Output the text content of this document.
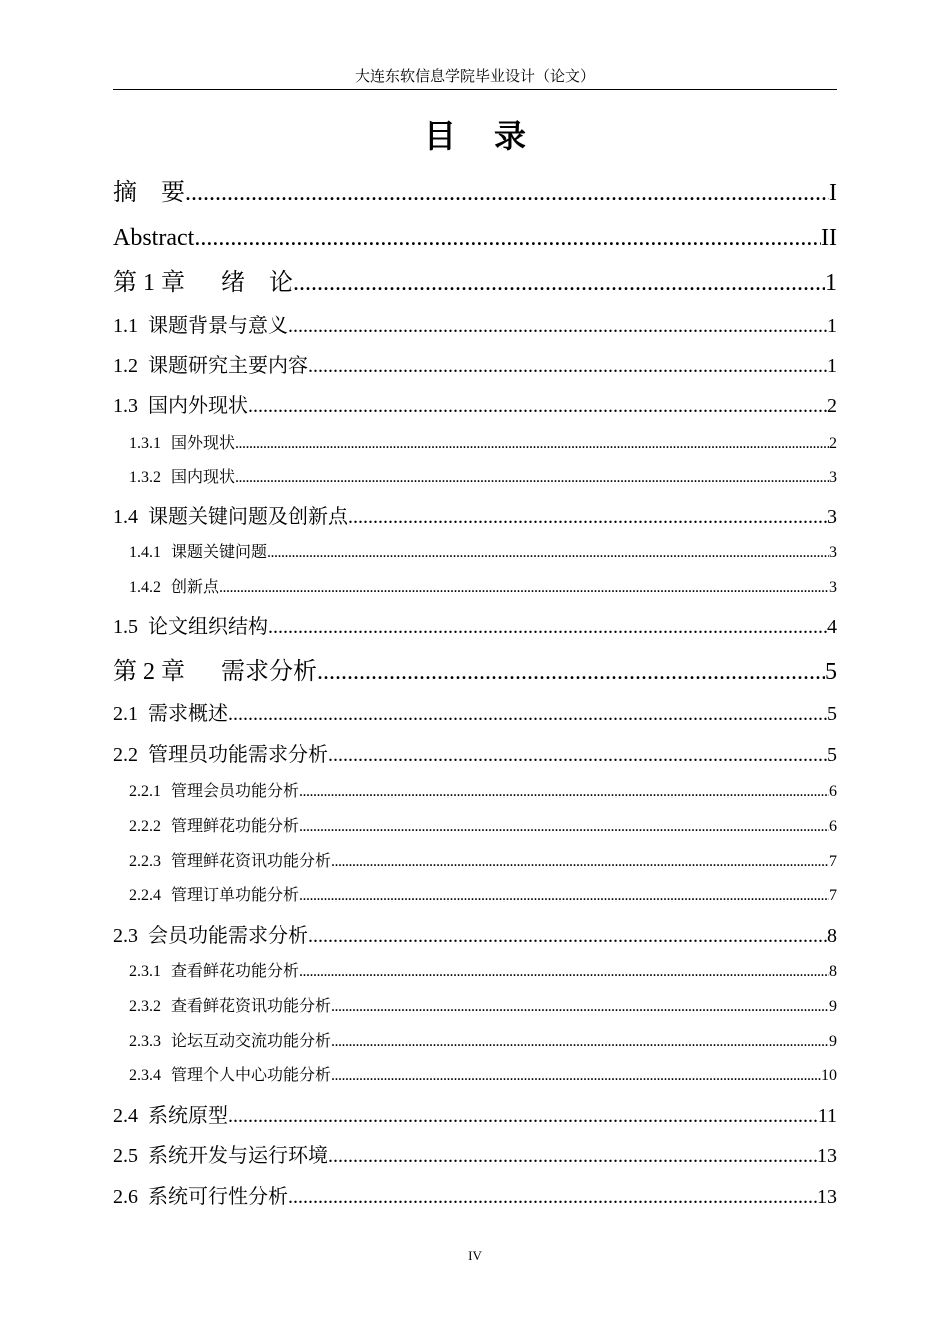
大连东软信息学院毕业设计（论文）
目 录
摘　要 .....	I
Abstract .....	II
第 1 章 绪　论 .....	1
1.1 课题背景与意义 .....	1
1.2 课题研究主要内容 .....	1
1.3 国内外现状 .....	2
1.3.1 国外现状 .....	2
1.3.2 国内现状 .....	3
1.4 课题关键问题及创新点 .....	3
1.4.1 课题关键问题 .....	3
1.4.2 创新点 .....	3
1.5 论文组织结构 .....	4
第 2 章 需求分析 .....	5
2.1 需求概述 .....	5
2.2 管理员功能需求分析 .....	5
2.2.1 管理会员功能分析 .....	6
2.2.2 管理鲜花功能分析 .....	6
2.2.3 管理鲜花资讯功能分析 .....	7
2.2.4 管理订单功能分析 .....	7
2.3 会员功能需求分析 .....	8
2.3.1 查看鲜花功能分析 .....	8
2.3.2 查看鲜花资讯功能分析 .....	9
2.3.3 论坛互动交流功能分析 .....	9
2.3.4 管理个人中心功能分析 .....	10
2.4 系统原型 .....	11
2.5 系统开发与运行环境 .....	13
2.6 系统可行性分析 .....	13
IV
